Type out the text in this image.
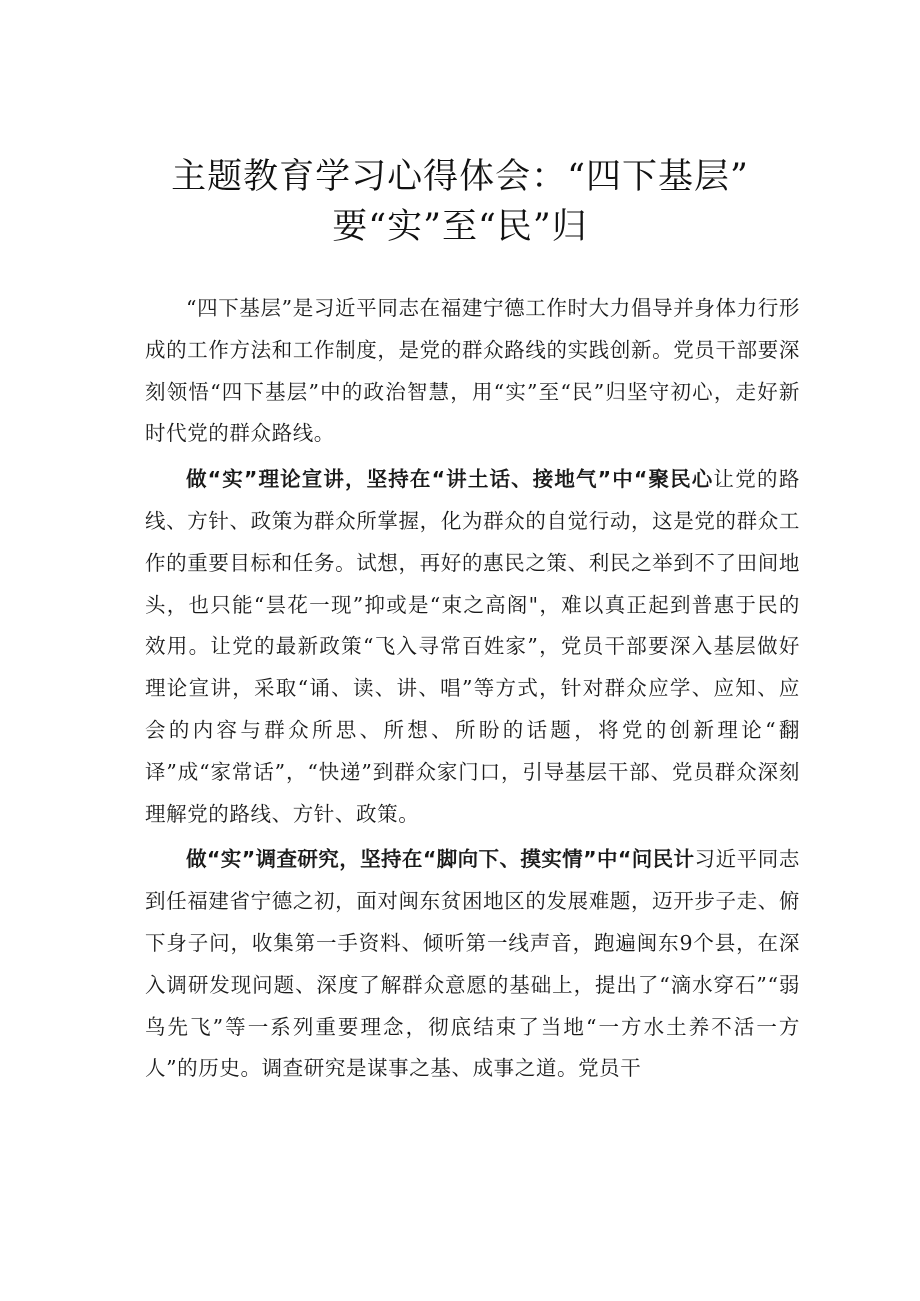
主题教育学习心得体会：“四下基层”
要“实”至“民”归

“四下基层”是习近平同志在福建宁德工作时大力倡导并身体力行形成的工作方法和工作制度，是党的群众路线的实践创新。党员干部要深刻领悟“四下基层”中的政治智慧，用“实”至“民”归坚守初心，走好新时代党的群众路线。

做“实”理论宣讲，坚持在“讲土话、接地气”中“聚民心让党的路线、方针、政策为群众所掌握，化为群众的自觉行动，这是党的群众工作的重要目标和任务。试想，再好的惠民之策、利民之举到不了田间地头，也只能“昙花一现”抑或是“束之高阁"，难以真正起到普惠于民的效用。让党的最新政策“飞入寻常百姓家”，党员干部要深入基层做好理论宣讲，采取“诵、读、讲、唱”等方式，针对群众应学、应知、应会的内容与群众所思、所想、所盼的话题，将党的创新理论“翻译”成“家常话”，“快递”到群众家门口，引导基层干部、党员群众深刻理解党的路线、方针、政策。

做“实”调查研究，坚持在“脚向下、摸实情”中“问民计习近平同志到任福建省宁德之初，面对闽东贫困地区的发展难题，迈开步子走、俯下身子问，收集第一手资料、倾听第一线声音，跑遍闽东9个县，在深入调研发现问题、深度了解群众意愿的基础上，提出了“滴水穿石”“弱鸟先飞”等一系列重要理念，彻底结束了当地“一方水土养不活一方人”的历史。调查研究是谋事之基、成事之道。党员干
